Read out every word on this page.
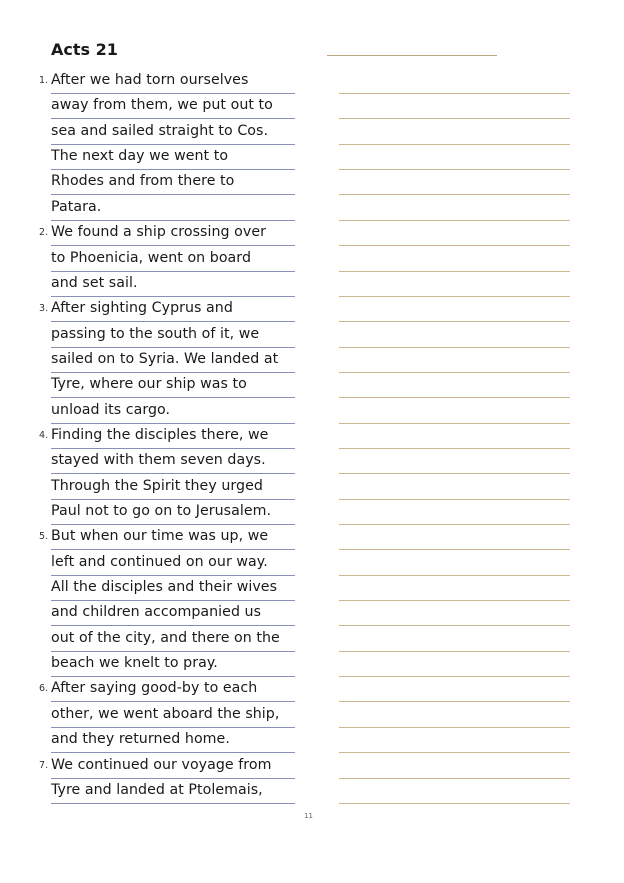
Acts 21
1. After we had torn ourselves
away from them, we put out to
sea and sailed straight to Cos.
The next day we went to
Rhodes and from there to
Patara.
2. We found a ship crossing over
to Phoenicia, went on board
and set sail.
3. After sighting Cyprus and
passing to the south of it, we
sailed on to Syria. We landed at
Tyre, where our ship was to
unload its cargo.
4. Finding the disciples there, we
stayed with them seven days.
Through the Spirit they urged
Paul not to go on to Jerusalem.
5. But when our time was up, we
left and continued on our way.
All the disciples and their wives
and children accompanied us
out of the city, and there on the
beach we knelt to pray.
6. After saying good-by to each
other, we went aboard the ship,
and they returned home.
7. We continued our voyage from
Tyre and landed at Ptolemais,
11
